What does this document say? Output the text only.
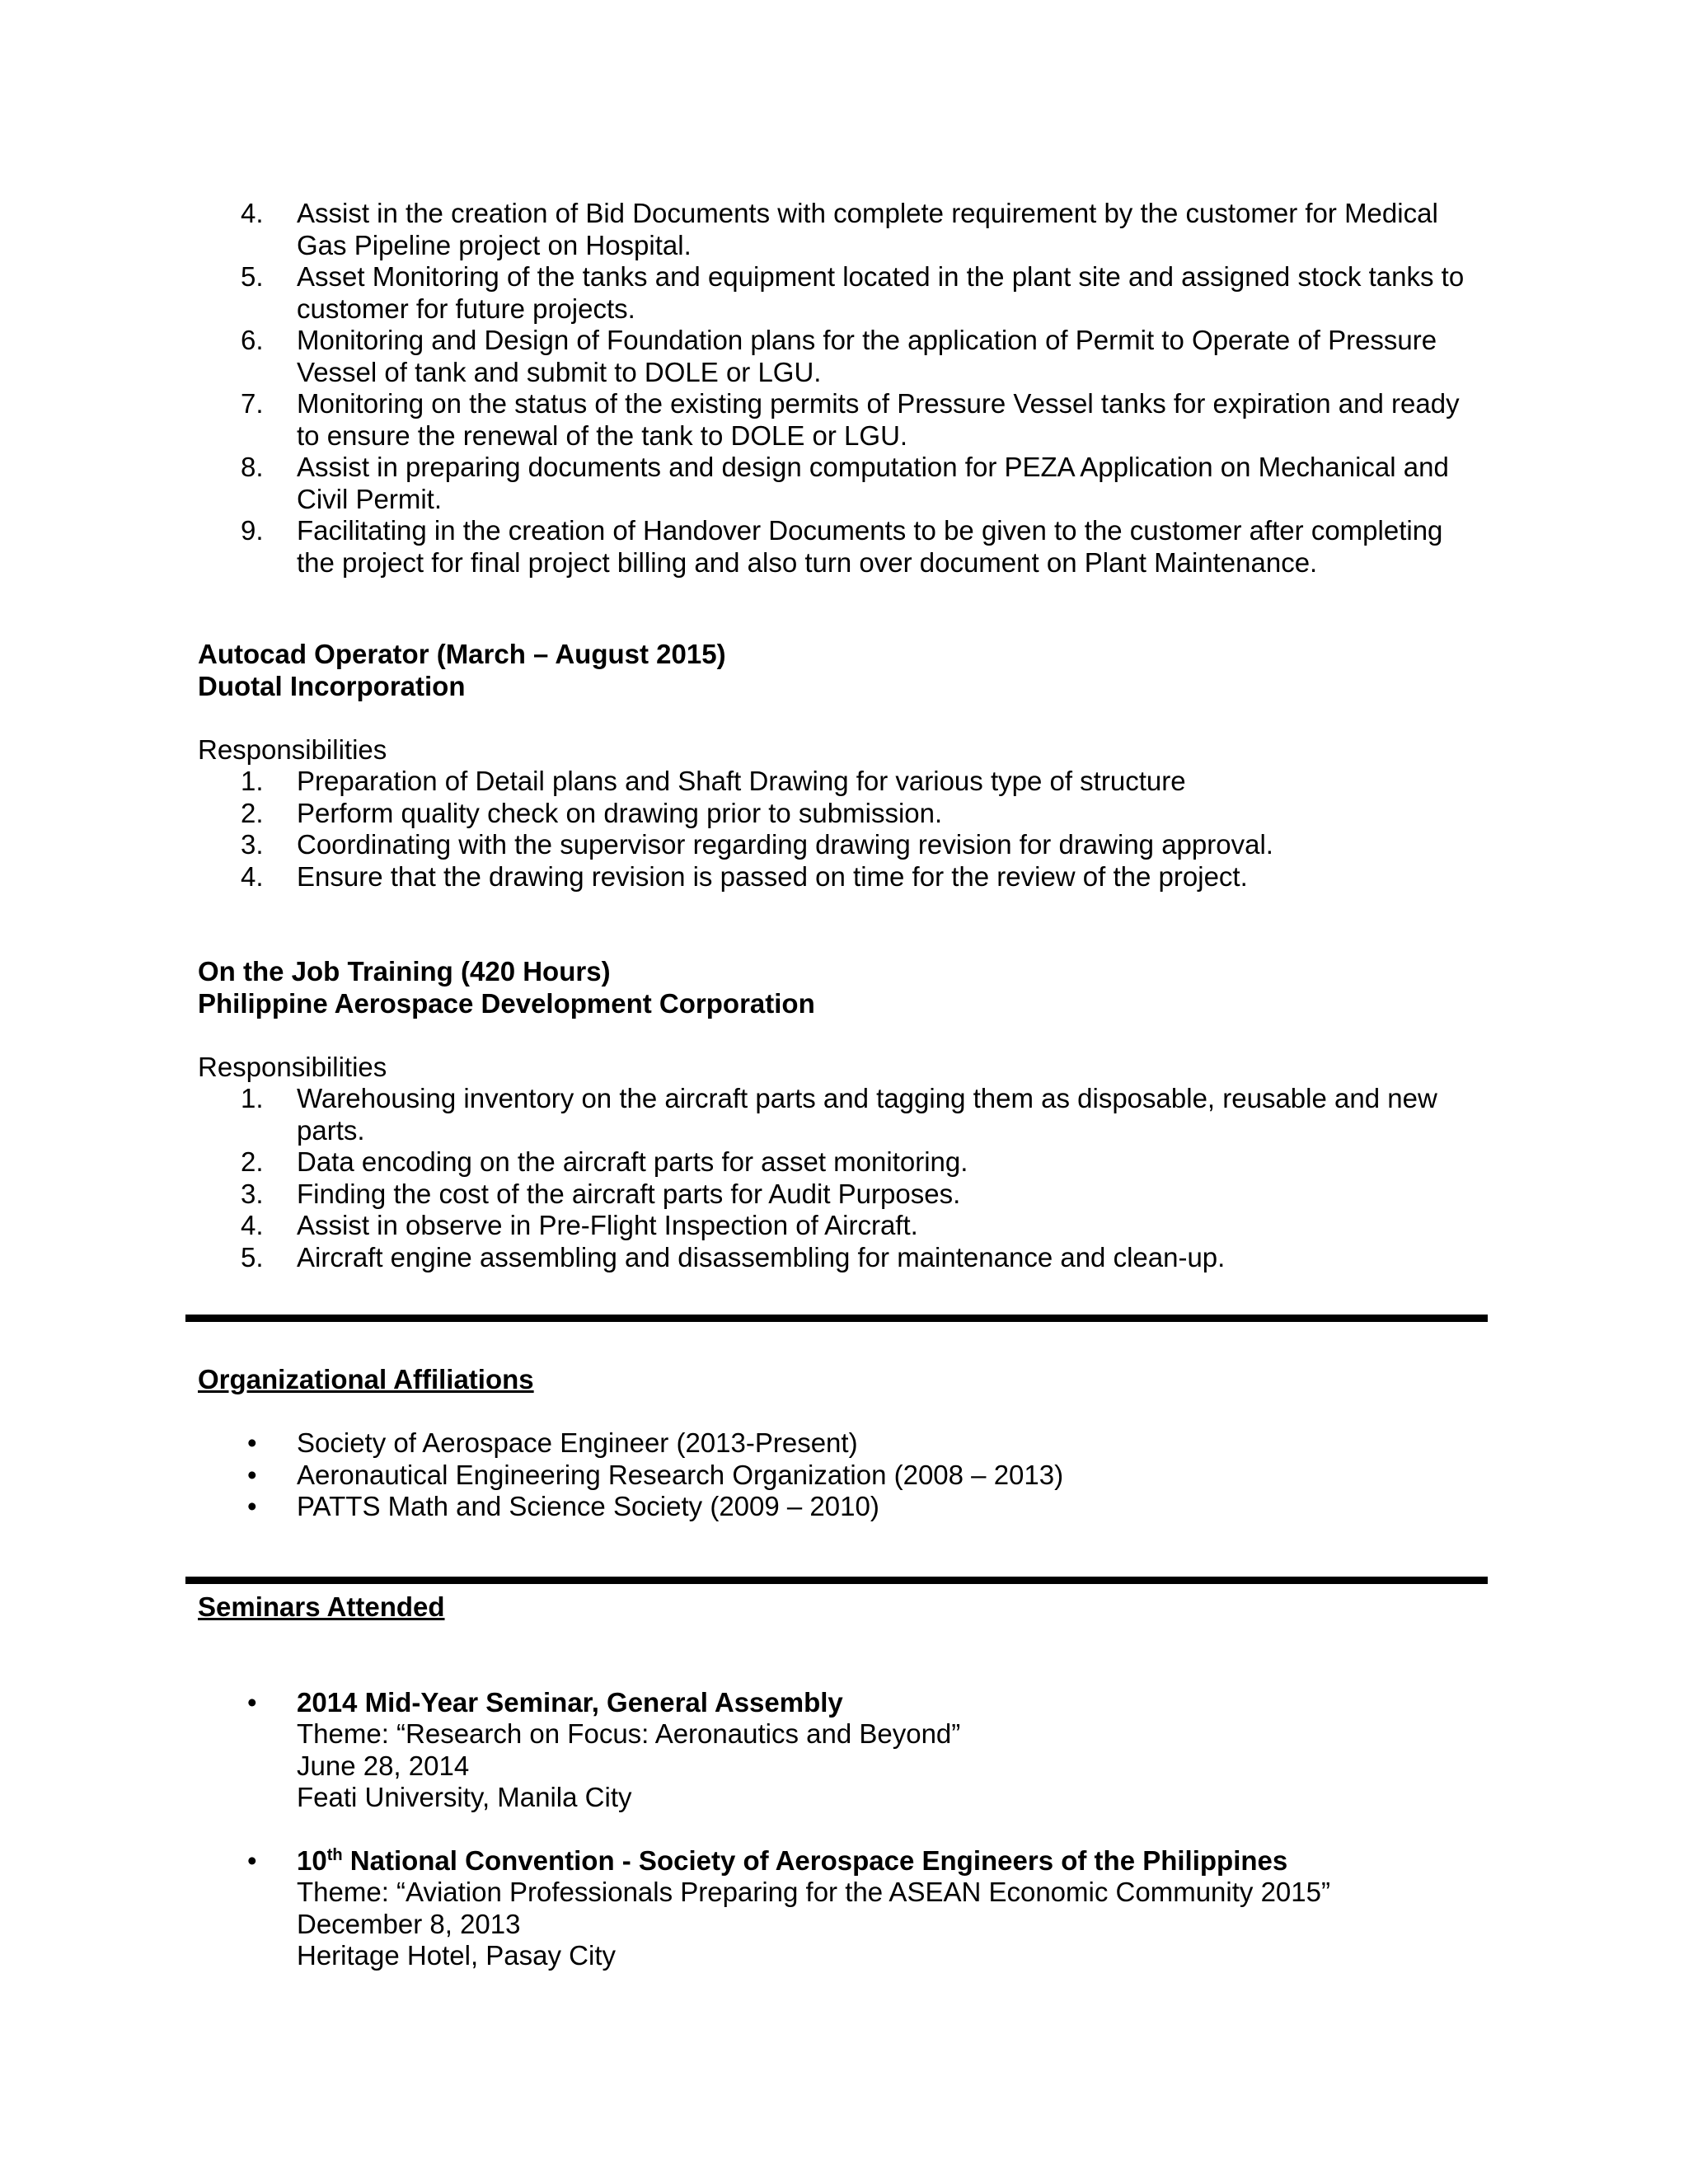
4.	Assist in the creation of Bid Documents with complete requirement by the customer for Medical Gas Pipeline project on Hospital.
5.	Asset Monitoring of the tanks and equipment located in the plant site and assigned stock tanks to customer for future projects.
6.	Monitoring and Design of Foundation plans for the application of Permit to Operate of Pressure Vessel of tank and submit to DOLE or LGU.
7.	Monitoring on the status of the existing permits of Pressure Vessel tanks for expiration and ready to ensure the renewal of the tank to DOLE or LGU.
8.	Assist in preparing documents and design computation for PEZA Application on Mechanical and Civil Permit.
9.	Facilitating in the creation of Handover Documents to be given to the customer after completing the project for final project billing and also turn over document on Plant Maintenance.
Autocad Operator (March – August 2015)
Duotal Incorporation
Responsibilities
1.	Preparation of Detail plans and Shaft Drawing for various type of structure
2.	Perform quality check on drawing prior to submission.
3.	Coordinating with the supervisor regarding drawing revision for drawing approval.
4.	Ensure that the drawing revision is passed on time for the review of the project.
On the Job Training (420 Hours)
Philippine Aerospace Development Corporation
Responsibilities
1.	Warehousing inventory on the aircraft parts and tagging them as disposable, reusable and new parts.
2.	Data encoding on the aircraft parts for asset monitoring.
3.	Finding the cost of the aircraft parts for Audit Purposes.
4.	Assist in observe in Pre-Flight Inspection of Aircraft.
5.	Aircraft engine assembling and disassembling for maintenance and clean-up.
Organizational Affiliations
• Society of Aerospace Engineer (2013-Present)
• Aeronautical Engineering Research Organization (2008 – 2013)
• PATTS Math and Science Society (2009 – 2010)
Seminars Attended
• 2014 Mid-Year Seminar, General Assembly
Theme: “Research on Focus: Aeronautics and Beyond”
June 28, 2014
Feati University, Manila City
• 10th National Convention - Society of Aerospace Engineers of the Philippines
Theme: “Aviation Professionals Preparing for the ASEAN Economic Community 2015”
December 8, 2013
Heritage Hotel, Pasay City
